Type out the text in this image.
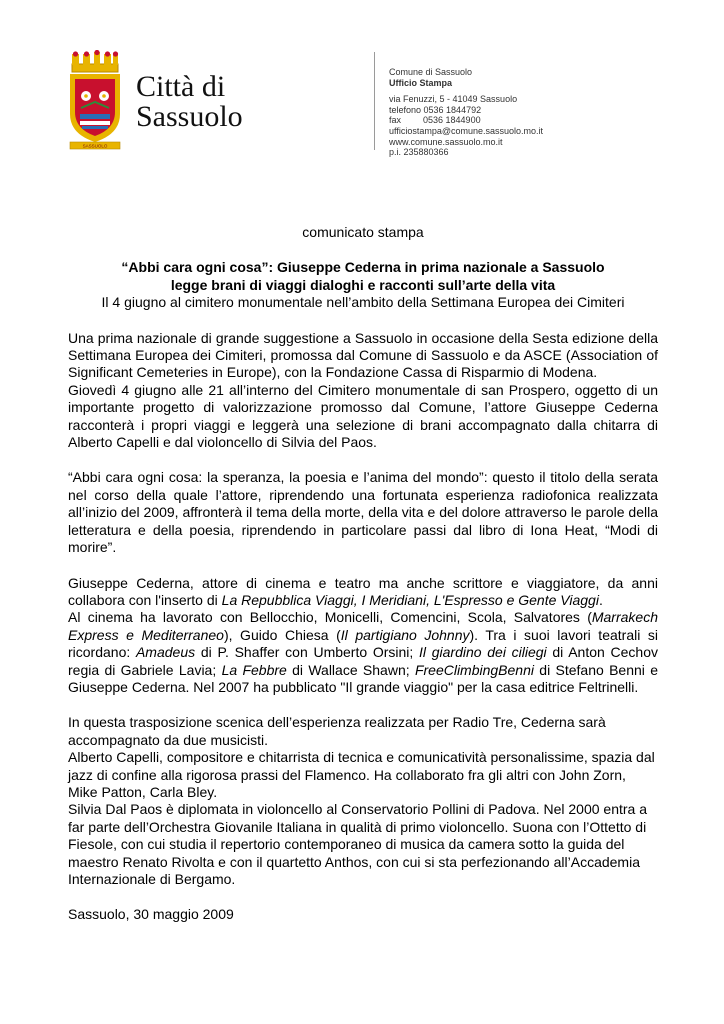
SASSUOLO
Città di
Sassuolo
Comune di Sassuolo
Ufficio Stampa
via Fenuzzi, 5 - 41049 Sassuolo
telefono 0536 1844792
fax 0536 1844900
ufficiostampa@comune.sassuolo.mo.it
www.comune.sassuolo.mo.it
p.i. 235880366

comunicato stampa

“Abbi cara ogni cosa”: Giuseppe Cederna in prima nazionale a Sassuolo

legge brani di viaggi dialoghi e racconti sull’arte della vita

Il 4 giugno al cimitero monumentale nell’ambito della Settimana Europea dei Cimiteri

Una prima nazionale di grande suggestione a Sassuolo in occasione della Sesta edizione della Settimana Europea dei Cimiteri, promossa dal Comune di Sassuolo e da ASCE (Association of Significant Cemeteries in Europe), con la Fondazione Cassa di Risparmio di Modena.

Giovedì 4 giugno alle 21 all’interno del Cimitero monumentale di san Prospero, oggetto di un importante progetto di valorizzazione promosso dal Comune, l’attore Giuseppe Cederna racconterà i propri viaggi e leggerà una selezione di brani accompagnato dalla chitarra di Alberto Capelli e dal violoncello di Silvia del Paos.

“Abbi cara ogni cosa: la speranza, la poesia e l’anima del mondo”: questo il titolo della serata nel corso della quale l’attore, riprendendo una fortunata esperienza radiofonica realizzata all’inizio del 2009, affronterà il tema della morte, della vita e del dolore attraverso le parole della letteratura e della poesia, riprendendo in particolare passi dal libro di Iona Heat, “Modi di morire”.

Giuseppe Cederna, attore di cinema e teatro ma anche scrittore e viaggiatore, da anni collabora con l'inserto di La Repubblica Viaggi, I Meridiani, L'Espresso e Gente Viaggi.

Al cinema ha lavorato con Bellocchio, Monicelli, Comencini, Scola, Salvatores (Marrakech Express e Mediterraneo), Guido Chiesa (Il partigiano Johnny). Tra i suoi lavori teatrali si ricordano: Amadeus di P. Shaffer con Umberto Orsini; Il giardino dei ciliegi di Anton Cechov regia di Gabriele Lavia; La Febbre di Wallace Shawn; FreeClimbingBenni di Stefano Benni e Giuseppe Cederna. Nel 2007 ha pubblicato "Il grande viaggio" per la casa editrice Feltrinelli.

In questa trasposizione scenica dell’esperienza realizzata per Radio Tre, Cederna sarà accompagnato da due musicisti.

Alberto Capelli, compositore e chitarrista di tecnica e comunicatività personalissime, spazia dal jazz di confine alla rigorosa prassi del Flamenco. Ha collaborato fra gli altri con John Zorn, Mike Patton, Carla Bley.

Silvia Dal Paos è diplomata in violoncello al Conservatorio Pollini di Padova. Nel 2000 entra a far parte dell’Orchestra Giovanile Italiana in qualità di primo violoncello. Suona con l’Ottetto di Fiesole, con cui studia il repertorio contemporaneo di musica da camera sotto la guida del maestro Renato Rivolta e con il quartetto Anthos, con cui si sta perfezionando all’Accademia Internazionale di Bergamo.

Sassuolo, 30 maggio 2009
